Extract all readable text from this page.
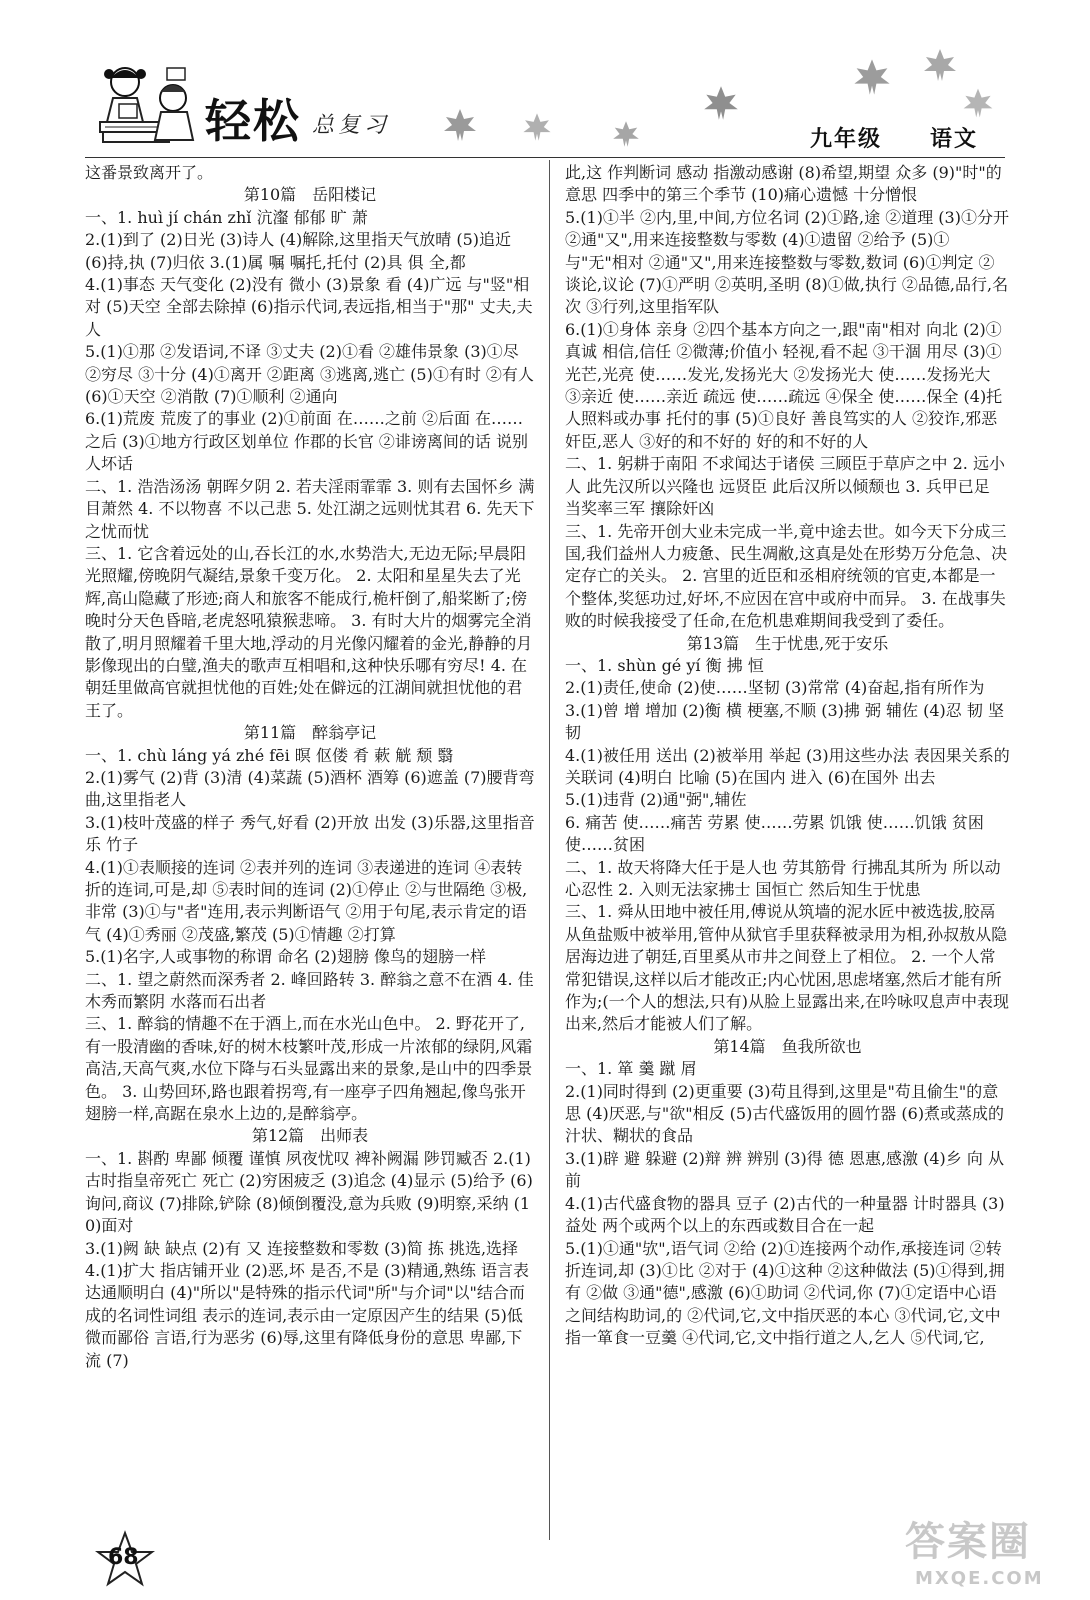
轻松 总复习
九年级 语文

这番景致离开了。

第10篇　岳阳楼记

一、1. huì jí chán zhǐ 沆瀣 郁郁 旷 萧

2.(1)到了 (2)日光 (3)诗人 (4)解除,这里指天气放晴 (5)追近 (6)持,执 (7)归依 3.(1)属 嘱 嘱托,托付 (2)具 俱 全,都

4.(1)事态 天气变化 (2)没有 微小 (3)景象 看 (4)广远 与"竖"相对 (5)天空 全部去除掉 (6)指示代词,表远指,相当于"那" 丈夫,夫人

5.(1)①那 ②发语词,不译 ③丈夫 (2)①看 ②雄伟景象 (3)①尽 ②穷尽 ③十分 (4)①离开 ②距离 ③逃离,逃亡 (5)①有时 ②有人 (6)①天空 ②消散 (7)①顺利 ②通向

6.(1)荒废 荒废了的事业 (2)①前面 在……之前 ②后面 在……之后 (3)①地方行政区划单位 作郡的长官 ②诽谤离间的话 说别人坏话

二、1. 浩浩汤汤 朝晖夕阴 2. 若夫淫雨霏霏 3. 则有去国怀乡 满目萧然 4. 不以物喜 不以己悲 5. 处江湖之远则忧其君 6. 先天下之忧而忧

三、1. 它含着远处的山,吞长江的水,水势浩大,无边无际;早晨阳光照耀,傍晚阴气凝结,景象千变万化。 2. 太阳和星星失去了光辉,高山隐藏了形迹;商人和旅客不能成行,桅杆倒了,船桨断了;傍晚时分天色昏暗,老虎怒吼猿猴悲啼。 3. 有时大片的烟雾完全消散了,明月照耀着千里大地,浮动的月光像闪耀着的金光,静静的月影像现出的白璧,渔夫的歌声互相唱和,这种快乐哪有穷尽! 4. 在朝廷里做高官就担忧他的百姓;处在僻远的江湖间就担忧他的君王了。

第11篇　醉翁亭记

一、1. chù láng yá zhé fēi 暝 伛偻 肴 蔌 觥 颓 翳

2.(1)雾气 (2)背 (3)清 (4)菜蔬 (5)酒杯 酒筹 (6)遮盖 (7)腰背弯曲,这里指老人

3.(1)枝叶茂盛的样子 秀气,好看 (2)开放 出发 (3)乐器,这里指音乐 竹子

4.(1)①表顺接的连词 ②表并列的连词 ③表递进的连词 ④表转折的连词,可是,却 ⑤表时间的连词 (2)①停止 ②与世隔绝 ③极,非常 (3)①与"者"连用,表示判断语气 ②用于句尾,表示肯定的语气 (4)①秀丽 ②茂盛,繁茂 (5)①情趣 ②打算

5.(1)名字,人或事物的称谓 命名 (2)翅膀 像鸟的翅膀一样

二、1. 望之蔚然而深秀者 2. 峰回路转 3. 醉翁之意不在酒 4. 佳木秀而繁阴 水落而石出者

三、1. 醉翁的情趣不在于酒上,而在水光山色中。 2. 野花开了,有一股清幽的香味,好的树木枝繁叶茂,形成一片浓郁的绿阴,风霜高洁,天高气爽,水位下降与石头显露出来的景象,是山中的四季景色。 3. 山势回环,路也跟着拐弯,有一座亭子四角翘起,像鸟张开翅膀一样,高踞在泉水上边的,是醉翁亭。

第12篇　出师表

一、1. 斟酌 卑鄙 倾覆 谨慎 夙夜忧叹 裨补阙漏 陟罚臧否 2.(1)古时指皇帝死亡 死亡 (2)穷困疲乏 (3)追念 (4)显示 (5)给予 (6)询问,商议 (7)排除,铲除 (8)倾倒覆没,意为兵败 (9)明察,采纳 (10)面对

3.(1)阙 缺 缺点 (2)有 又 连接整数和零数 (3)简 拣 挑选,选择

4.(1)扩大 指店铺开业 (2)恶,坏 是否,不是 (3)精通,熟练 语言表达通顺明白 (4)"所以"是特殊的指示代词"所"与介词"以"结合而成的名词性词组 表示的连词,表示由一定原因产生的结果 (5)低微而鄙俗 言语,行为恶劣 (6)辱,这里有降低身份的意思 卑鄙,下流 (7)

此,这 作判断词 感动 指激动感谢 (8)希望,期望 众多 (9)"时"的意思 四季中的第三个季节 (10)痛心遗憾 十分憎恨

5.(1)①半 ②内,里,中间,方位名词 (2)①路,途 ②道理 (3)①分开 ②通"又",用来连接整数与零数 (4)①遗留 ②给予 (5)①与"无"相对 ②通"又",用来连接整数与零数,数词 (6)①判定 ②谈论,议论 (7)①严明 ②英明,圣明 (8)①做,执行 ②品德,品行,名次 ③行列,这里指军队

6.(1)①身体 亲身 ②四个基本方向之一,跟"南"相对 向北 (2)①真诚 相信,信任 ②微薄;价值小 轻视,看不起 ③干涸 用尽 (3)①光芒,光亮 使……发光,发扬光大 ②发扬光大 使……发扬光大 ③亲近 使……亲近 疏远 使……疏远 ④保全 使……保全 (4)托人照料或办事 托付的事 (5)①良好 善良笃实的人 ②狡诈,邪恶 奸臣,恶人 ③好的和不好的 好的和不好的人

二、1. 躬耕于南阳 不求闻达于诸侯 三顾臣于草庐之中 2. 远小人 此先汉所以兴隆也 远贤臣 此后汉所以倾颓也 3. 兵甲已足 当奖率三军 攘除奸凶

三、1. 先帝开创大业未完成一半,竟中途去世。如今天下分成三国,我们益州人力疲惫、民生凋敝,这真是处在形势万分危急、决定存亡的关头。 2. 宫里的近臣和丞相府统领的官吏,本都是一个整体,奖惩功过,好坏,不应因在宫中或府中而异。 3. 在战事失败的时候我接受了任命,在危机患难期间我受到了委任。

第13篇　生于忧患,死于安乐

一、1. shùn gé yí 衡 拂 恒

2.(1)责任,使命 (2)使……坚韧 (3)常常 (4)奋起,指有所作为

3.(1)曾 增 增加 (2)衡 横 梗塞,不顺 (3)拂 弼 辅佐 (4)忍 韧 坚韧

4.(1)被任用 送出 (2)被举用 举起 (3)用这些办法 表因果关系的关联词 (4)明白 比喻 (5)在国内 进入 (6)在国外 出去

5.(1)违背 (2)通"弼",辅佐

6. 痛苦 使……痛苦 劳累 使……劳累 饥饿 使……饥饿 贫困 使……贫困

二、1. 故天将降大任于是人也 劳其筋骨 行拂乱其所为 所以动心忍性 2. 入则无法家拂士 国恒亡 然后知生于忧患

三、1. 舜从田地中被任用,傅说从筑墙的泥水匠中被选拔,胶鬲从鱼盐贩中被举用,管仲从狱官手里获释被录用为相,孙叔敖从隐居海边进了朝廷,百里奚从市井之间登上了相位。 2. 一个人常常犯错误,这样以后才能改正;内心忧困,思虑堵塞,然后才能有所作为;(一个人的想法,只有)从脸上显露出来,在吟咏叹息声中表现出来,然后才能被人们了解。

第14篇　鱼我所欲也

一、1. 箪 羹 蹴 屑

2.(1)同时得到 (2)更重要 (3)苟且得到,这里是"苟且偷生"的意思 (4)厌恶,与"欲"相反 (5)古代盛饭用的圆竹器 (6)煮或蒸成的汁状、糊状的食品

3.(1)辟 避 躲避 (2)辩 辨 辨别 (3)得 德 恩惠,感激 (4)乡 向 从前

4.(1)古代盛食物的器具 豆子 (2)古代的一种量器 计时器具 (3)益处 两个或两个以上的东西或数目合在一起

5.(1)①通"欤",语气词 ②给 (2)①连接两个动作,承接连词 ②转折连词,却 (3)①比 ②对于 (4)①这种 ②这种做法 (5)①得到,拥有 ②做 ③通"德",感激 (6)①助词 ②代词,你 (7)①定语中心语之间结构助词,的 ②代词,它,文中指厌恶的本心 ③代词,它,文中指一箪食一豆羹 ④代词,它,文中指行道之人,乞人 ⑤代词,它,

68	答案圈
MXQE.COM
